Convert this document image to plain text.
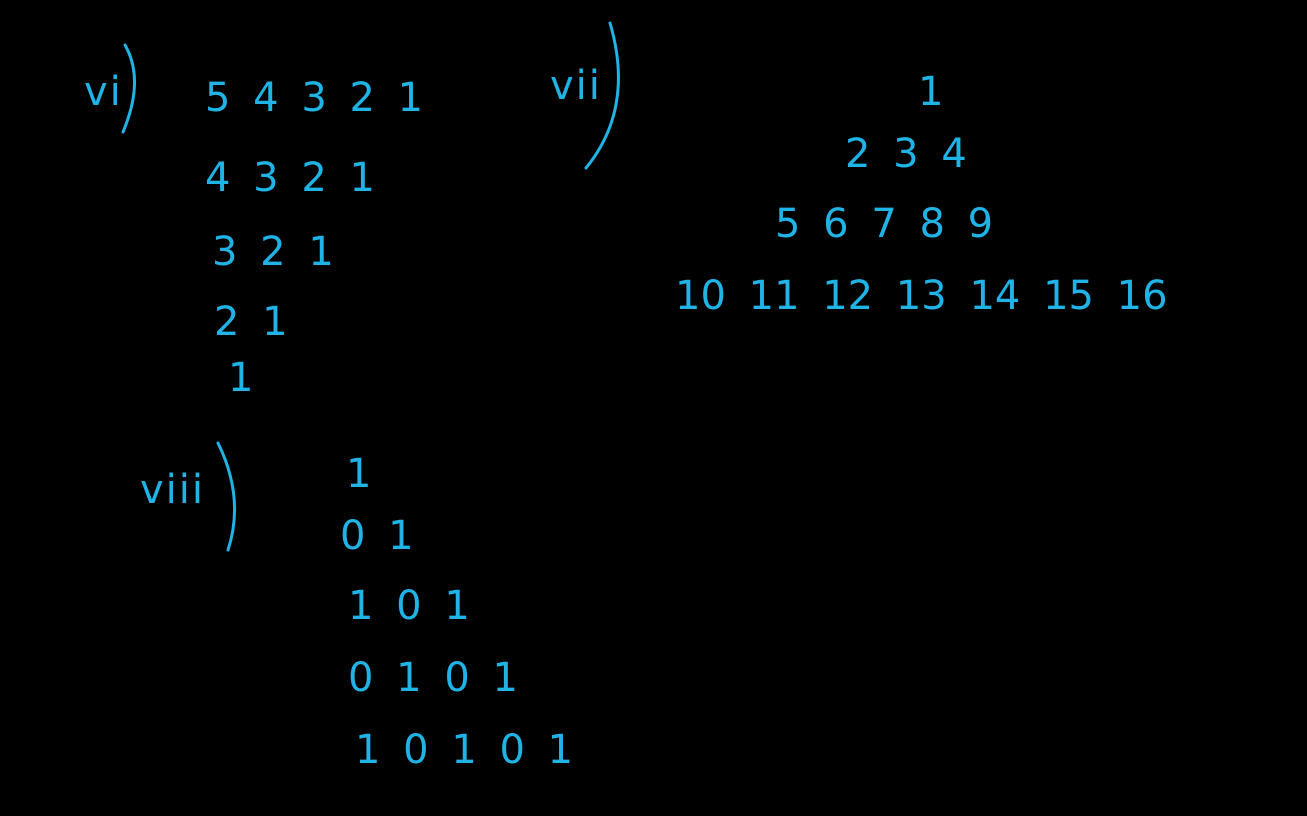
vi 5 4 3 2 1
4 3 2 1
3 2 1
2 1
1
vii	1
2 3 4
5 6 7 8 9
10 11 12 13 14 15 16
viii	1
0 1
1 0 1
0 1 0 1
1 0 1 0 1
